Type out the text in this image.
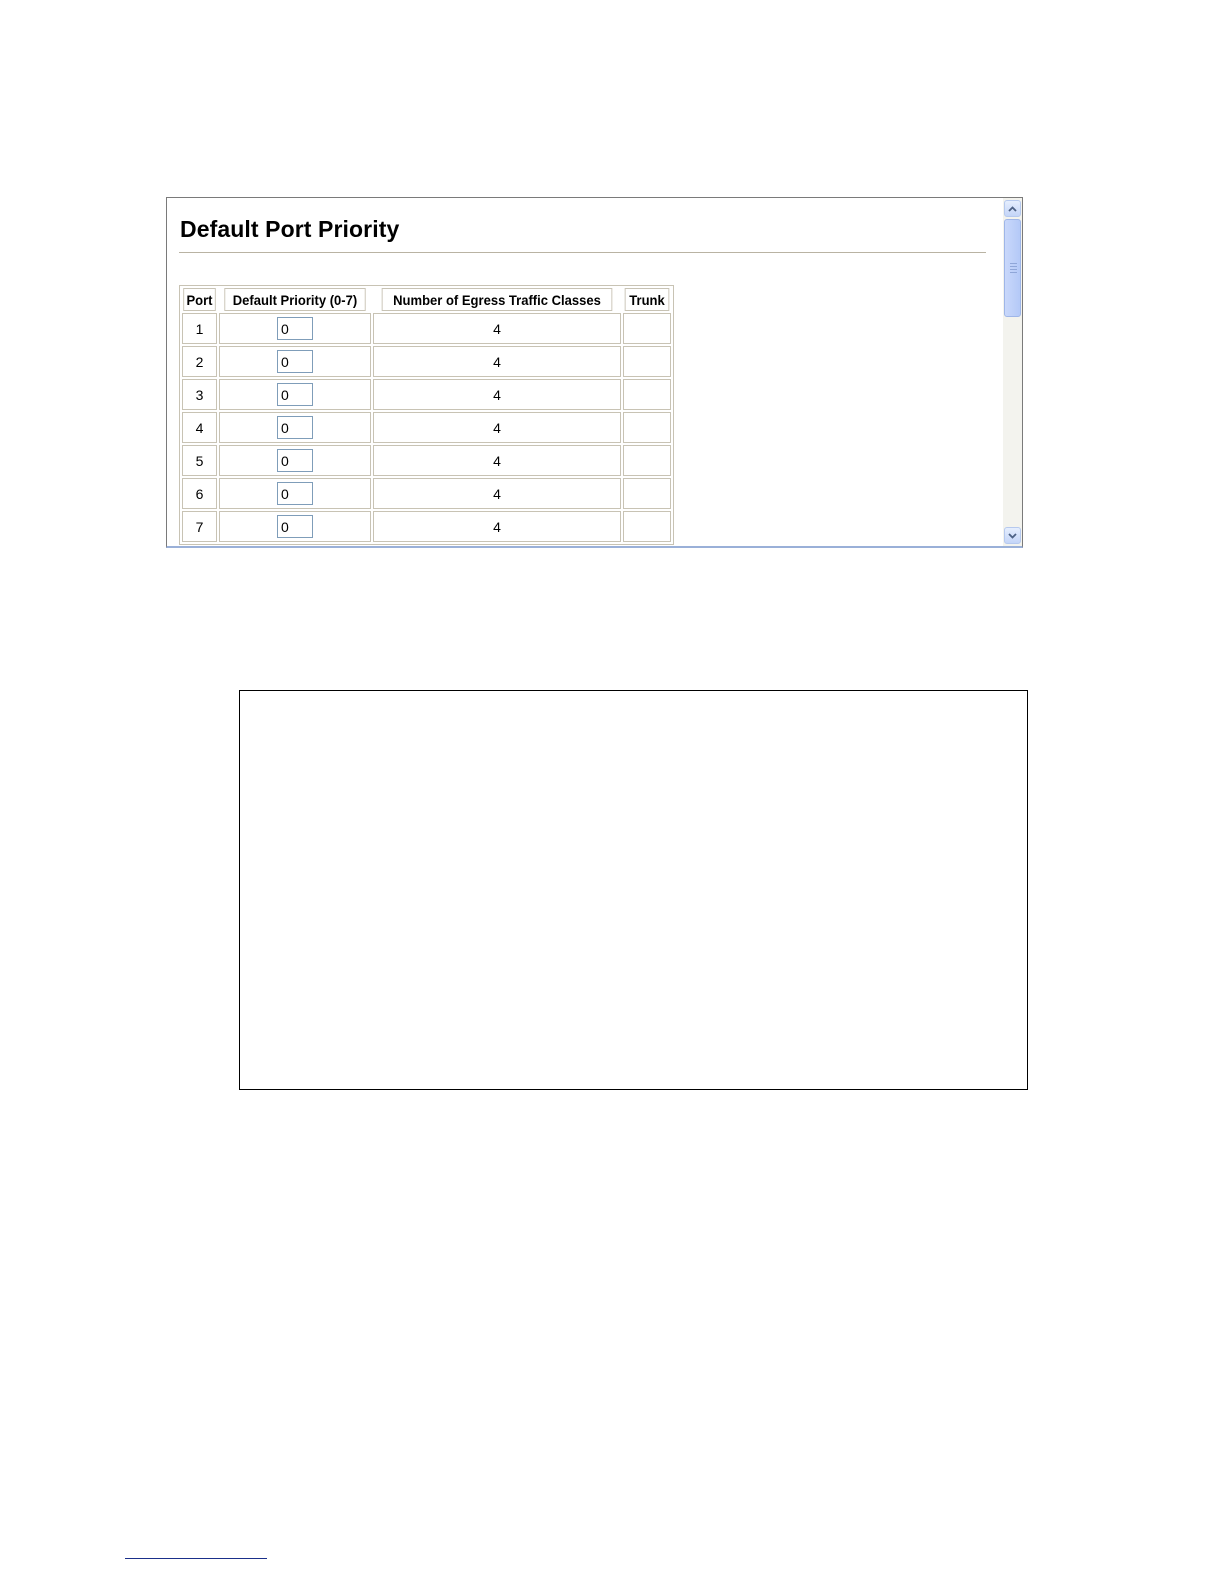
Default Port Priority
Port	Default Priority (0-7)	Number of Egress Traffic Classes	Trunk
1	0	4	
2	0	4	
3	0	4	
4	0	4	
5	0	4	
6	0	4	
7	0	4	
